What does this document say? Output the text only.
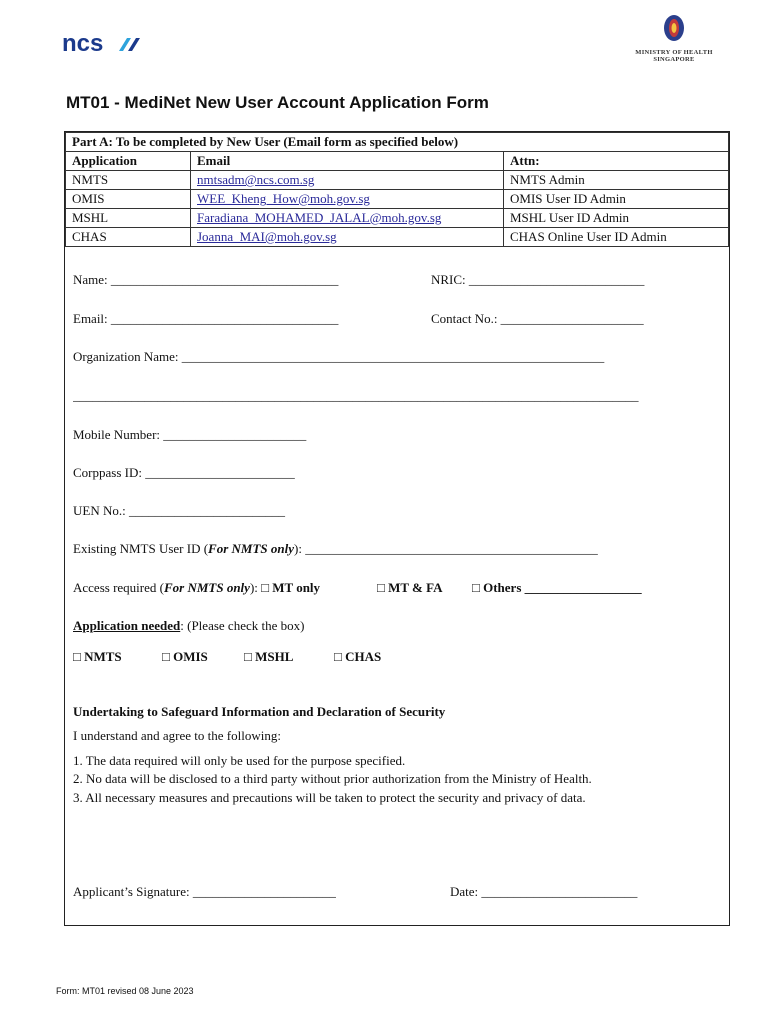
ncs	MINISTRY OF HEALTH
SINGAPORE
MT01 - MediNet New User Account Application Form
Part A: To be completed by New User (Email form as specified below)		
Application	Email	Attn:
NMTS	nmtsadm@ncs.com.sg	NMTS Admin
OMIS	WEE_Kheng_How@moh.gov.sg	OMIS User ID Admin
MSHL	Faradiana_MOHAMED_JALAL@moh.gov.sg	MSHL User ID Admin
CHAS	Joanna_MAI@moh.gov.sg	CHAS Online User ID Admin
Name: ___________________________________	NRIC: ___________________________
Email: ___________________________________	Contact No.: ______________________
Organization Name: _________________________________________________________________
_______________________________________________________________________________________
Mobile Number: ______________________
Corppass ID: _______________________
UEN No.: ________________________
Existing NMTS User ID (For NMTS only): _____________________________________________
Access required (For NMTS only): □ MT only	□ MT & FA □ Others __________________
Application needed: (Please check the box)
□ NMTS	□ OMIS	□ MSHL	□ CHAS
Undertaking to Safeguard Information and Declaration of Security
I understand and agree to the following:
1. The data required will only be used for the purpose specified.
2. No data will be disclosed to a third party without prior authorization from the Ministry of Health.
3. All necessary measures and precautions will be taken to protect the security and privacy of data.
Applicant’s Signature: ______________________	Date: ________________________
Form: MT01 revised 08 June 2023
